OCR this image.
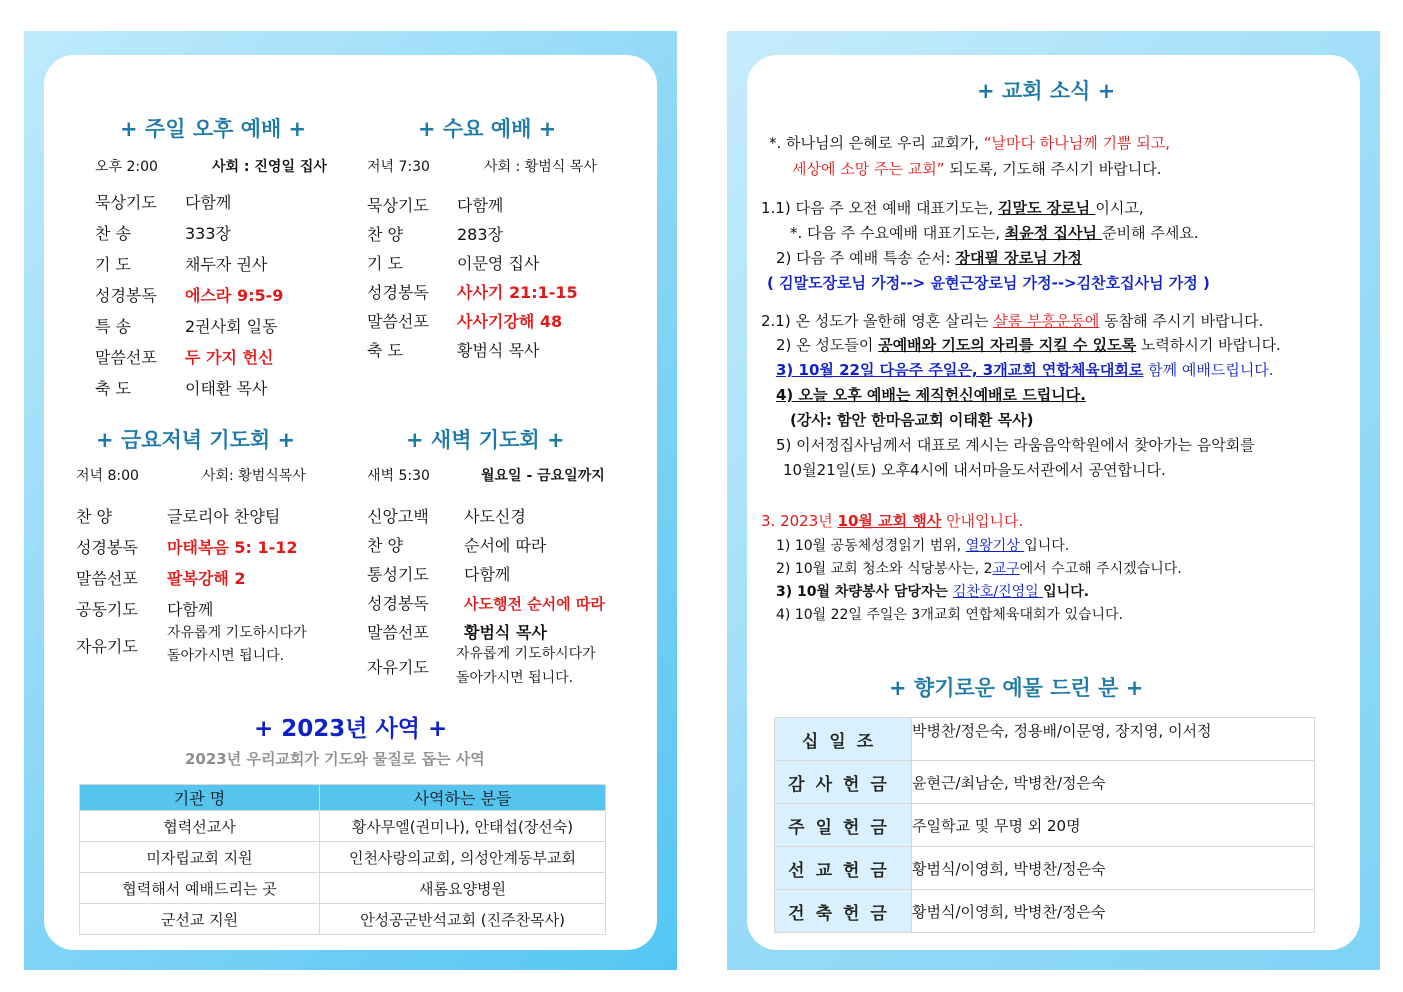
+ 주일 오후 예배 +
오후 2:00	사회 : 진영일 집사
묵상기도 다함께
찬 송	333장
기 도	채두자 권사
성경봉독 에스라 9:5-9
특 송	2권사회 일동
말씀선포 두 가지 헌신
축 도	이태환 목사
+ 수요 예배 +
저녁 7:30	사회 : 황범식 목사
묵상기도 다함께
찬 양	283장
기 도	이문영 집사
성경봉독 사사기 21:1-15
말씀선포 사사기강해 48
축 도	황범식 목사
+ 금요저녁 기도회 +
저녁 8:00	사회: 황범식목사
찬 양	글로리아 찬양팀
성경봉독 마태복음 5: 1-12
말씀선포 팔복강해 2
공동기도 다함께
자유기도
자유롭게 기도하시다가
돌아가시면 됩니다.
+ 새벽 기도회 +
새벽 5:30	월요일 - 금요일까지
신앙고백 사도신경
찬 양	순서에 따라
통성기도 다함께
성경봉독 사도행전 순서에 따라
말씀선포 황범식 목사
자유기도
자유롭게 기도하시다가
돌아가시면 됩니다.
+ 2023년 사역 +
2023년 우리교회가 기도와 물질로 돕는 사역
기관 명	사역하는 분들
협력선교사	황사무엘(권미나), 안태섭(장선숙)
미자립교회 지원	인천사랑의교회, 의성안계동부교회
협력해서 예배드리는 곳	새롬요양병원
군선교 지원	안성공군반석교회 (진주찬목사)
+ 교회 소식 +
*. 하나님의 은혜로 우리 교회가, “날마다 하나님께 기쁨 되고,
세상에 소망 주는 교회” 되도록, 기도해 주시기 바랍니다.
1.1) 다음 주 오전 예배 대표기도는, 김말도 장로님 이시고,
*. 다음 주 수요예배 대표기도는, 최윤정 집사님 준비해 주세요.
2) 다음 주 예배 특송 순서: 장대필 장로님 가정
( 김말도장로님 가정--> 윤현근장로님 가정-->김찬호집사님 가정 )
2.1) 온 성도가 올한해 영혼 살리는 샬롬 부흥운동에 동참해 주시기 바랍니다.
2) 온 성도들이 공예배와 기도의 자리를 지킬 수 있도록 노력하시기 바랍니다.
3) 10월 22일 다음주 주일은, 3개교회 연합체육대회로 함께 예배드립니다.
4) 오늘 오후 예배는 제직헌신예배로 드립니다.
(강사: 함안 한마음교회 이태환 목사)
5) 이서정집사님께서 대표로 계시는 라움음악학원에서 찾아가는 음악회를
10월21일(토) 오후4시에 내서마을도서관에서 공연합니다.
3. 2023년 10월 교회 행사 안내입니다.
1) 10월 공동체성경읽기 범위, 열왕기상 입니다.
2) 10월 교회 청소와 식당봉사는, 2교구에서 수고해 주시겠습니다.
3) 10월 차량봉사 담당자는 김찬호/진영일 입니다.
4) 10월 22일 주일은 3개교회 연합체육대회가 있습니다.
+ 향기로운 예물 드린 분 +
십일조	박병찬/정은숙, 정용배/이문영, 장지영, 이서정
감사헌금	윤현근/최남순, 박병찬/정은숙
주일헌금	주일학교 및 무명 외 20명
선교헌금	황범식/이영희, 박병찬/정은숙
건축헌금	황범식/이영희, 박병찬/정은숙
